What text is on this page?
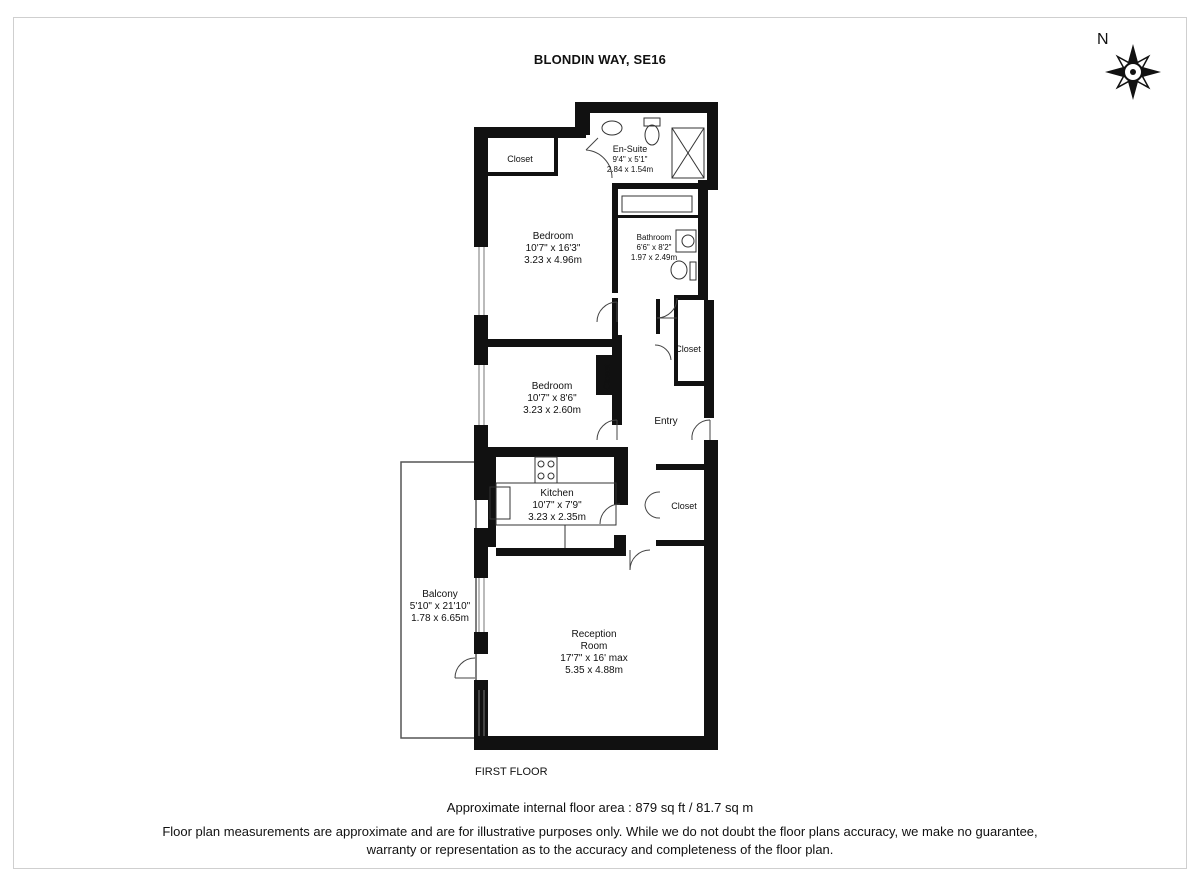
BLONDIN WAY, SE16
N
En-Suite
9'4" x 5'1"
2.84 x 1.54m
Closet
Bedroom
10'7" x 16'3"
3.23 x 4.96m
Bathroom
6'6" x 8'2"
1.97 x 2.49m
Closet
Bedroom
10'7" x 8'6"
3.23 x 2.60m
Closet
Entry
Kitchen
10'7" x 7'9"
3.23 x 2.35m
Closet
Balcony
5'10" x 21'10"
1.78 x 6.65m
Reception
Room
17'7" x 16' max
5.35 x 4.88m
FIRST FLOOR
Approximate internal floor area : 879 sq ft / 81.7 sq m
Floor plan measurements are approximate and are for illustrative purposes only. While we do not doubt the floor plans accuracy, we make no guarantee,
warranty or representation as to the accuracy and completeness of the floor plan.
